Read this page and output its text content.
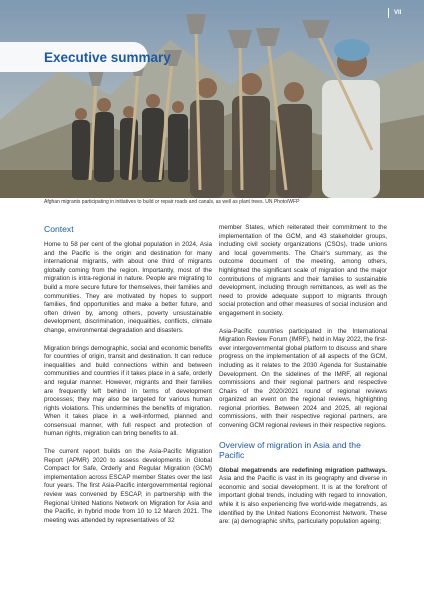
Executive summary
VII
Afghan migrants participating in initiatives to build or repair roads and canals, as well as plant trees. UN Photo/WFP
Context

Home to 58 per cent of the global population in 2024, Asia and the Pacific is the origin and destination for many international migrants, with about one third of migrants globally coming from the region. Importantly, most of the migration is intra-regional in nature. People are migrating to build a more secure future for themselves, their families and communities. They are motivated by hopes to support families, find opportunities and make a better future, and often driven by, among others, poverty unsustainable development, discrimination, inequalities, conflicts, climate change, environmental degradation and disasters.

Migration brings demographic, social and economic benefits for countries of origin, transit and destination. It can reduce inequalities and build connections within and between communities and countries if it takes place in a safe, orderly and regular manner. However, migrants and their families are frequently left behind in terms of development processes; they may also be targeted for various human rights violations. This undermines the benefits of migration. When it takes place in a well-informed, planned and consensual manner, with full respect and protection of human rights, migration can bring benefits to all.

The current report builds on the Asia-Pacific Migration Report (APMR) 2020 to assess developments in Global Compact for Safe, Orderly and Regular Migration (GCM) implementation across ESCAP member States over the last four years. The first Asia-Pacific intergovernmental regional review was convened by ESCAP, in partnership with the Regional United Nations Network on Migration for Asia and the Pacific, in hybrid mode from 10 to 12 March 2021. The meeting was attended by representatives of 32

member States, which reiterated their commitment to the implementation of the GCM, and 43 stakeholder groups, including civil society organizations (CSOs), trade unions and local governments. The Chair's summary, as the outcome document of the meeting, among others, highlighted the significant scale of migration and the major contributions of migrants and their families to sustainable development, including through remittances, as well as the need to provide adequate support to migrants through social protection and other measures of social inclusion and engagement in society.

Asia-Pacific countries participated in the International Migration Review Forum (IMRF), held in May 2022, the first-ever intergovernmental global platform to discuss and share progress on the implementation of all aspects of the GCM, including as it relates to the 2030 Agenda for Sustainable Development. On the sidelines of the IMRF, all regional commissions and their regional partners and respective Chairs of the 2020/2021 round of regional reviews organized an event on the regional reviews, highlighting regional priorities. Between 2024 and 2025, all regional commissions, with their respective regional partners, are convening GCM regional reviews in their respective regions.

Overview of migration in Asia and the Pacific

Global megatrends are redefining migration pathways. Asia and the Pacific is vast in its geography and diverse in economic and social development. It is at the forefront of important global trends, including with regard to innovation, while it is also experiencing five world-wide megatrends, as identified by the United Nations Economist Network. These are: (a) demographic shifts, particularly population ageing;
